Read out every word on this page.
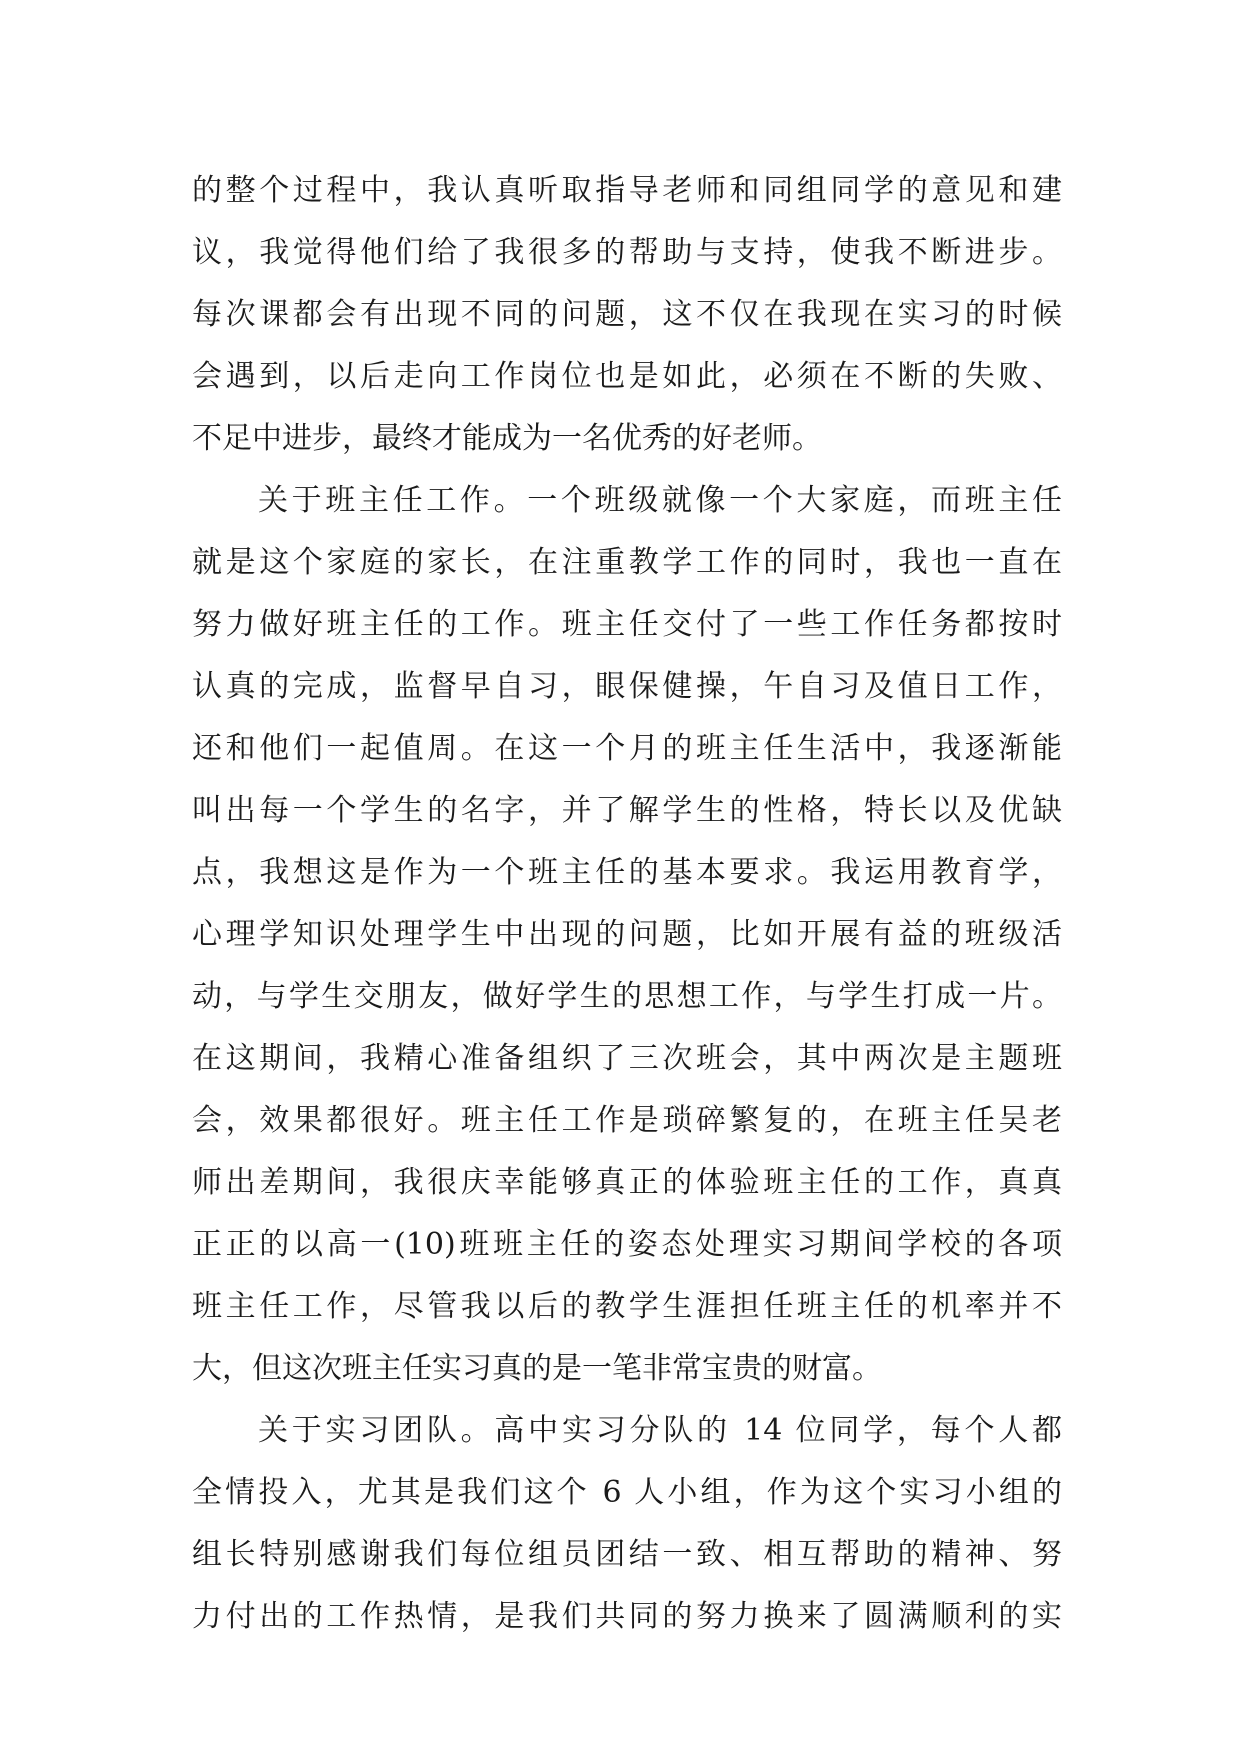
的整个过程中，我认真听取指导老师和同组同学的意见和建
议，我觉得他们给了我很多的帮助与支持，使我不断进步。
每次课都会有出现不同的问题，这不仅在我现在实习的时候
会遇到，以后走向工作岗位也是如此，必须在不断的失败、
不足中进步，最终才能成为一名优秀的好老师。
关于班主任工作。一个班级就像一个大家庭，而班主任
就是这个家庭的家长，在注重教学工作的同时，我也一直在
努力做好班主任的工作。班主任交付了一些工作任务都按时
认真的完成，监督早自习，眼保健操，午自习及值日工作，
还和他们一起值周。在这一个月的班主任生活中，我逐渐能
叫出每一个学生的名字，并了解学生的性格，特长以及优缺
点，我想这是作为一个班主任的基本要求。我运用教育学，
心理学知识处理学生中出现的问题，比如开展有益的班级活
动，与学生交朋友，做好学生的思想工作，与学生打成一片。
在这期间，我精心准备组织了三次班会，其中两次是主题班
会，效果都很好。班主任工作是琐碎繁复的，在班主任吴老
师出差期间，我很庆幸能够真正的体验班主任的工作，真真
正正的以高一(10)班班主任的姿态处理实习期间学校的各项
班主任工作，尽管我以后的教学生涯担任班主任的机率并不
大，但这次班主任实习真的是一笔非常宝贵的财富。
关于实习团队。高中实习分队的 14 位同学，每个人都
全情投入，尤其是我们这个 6 人小组，作为这个实习小组的
组长特别感谢我们每位组员团结一致、相互帮助的精神、努
力付出的工作热情，是我们共同的努力换来了圆满顺利的实
